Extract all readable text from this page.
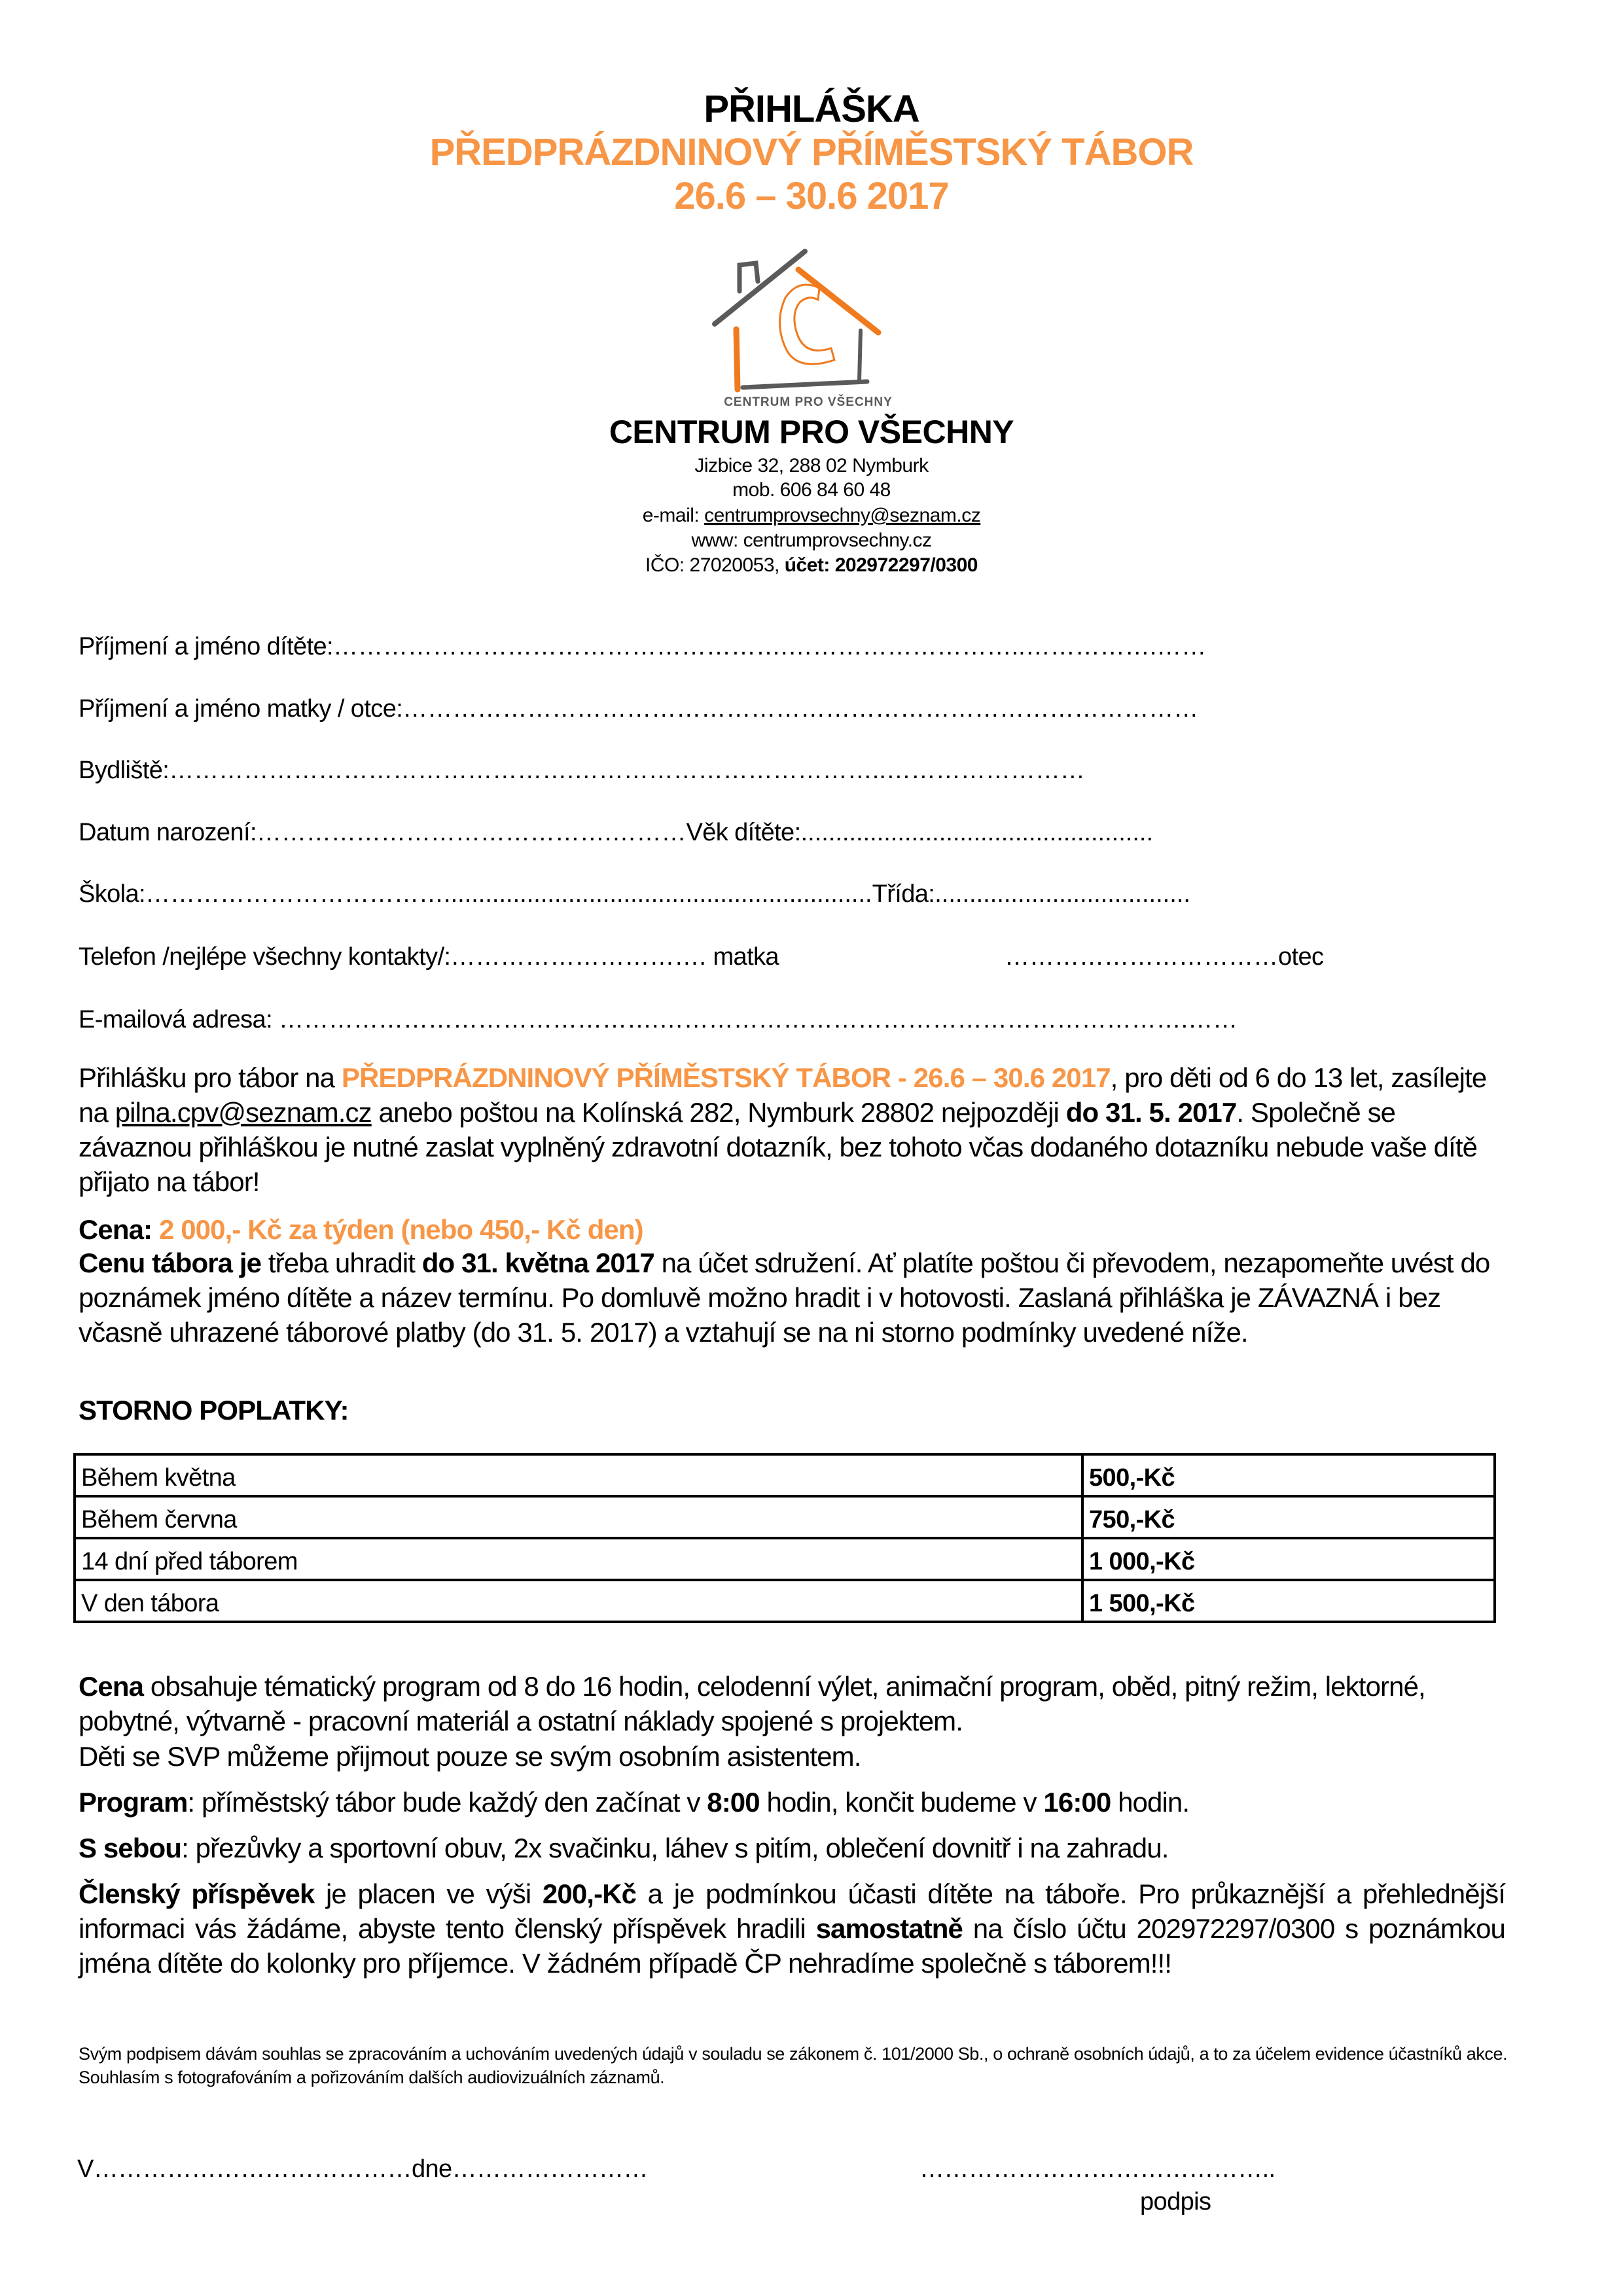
PŘIHLÁŠKA
PŘEDPRÁZDNINOVÝ PŘÍMĚSTSKÝ TÁBOR
26.6 – 30.6 2017
CENTRUM PRO VŠECHNY
CENTRUM PRO VŠECHNY
Jizbice 32, 288 02 Nymburk
mob. 606 84 60 48
e-mail: centrumprovsechny@seznam.cz
www: centrumprovsechny.cz
IČO: 27020053, účet: 202972297/0300
Příjmení a jméno dítěte:……………………………………………….………………………..…………….……
Příjmení a jméno matky / otce:……………………………………………………………………………………
Bydliště:………………………………………….………………………………..……………………
Datum narození:…………………………………….………Věk dítěte:...................................................
Škola:………………………………..............................................................Třída:.....................................
Telefon /nejlépe všechny kontakty/:…………………………. matka	……………………………otec
E-mailová adresa: ……………………………………….……………………………………………………….……
Přihlášku pro tábor na PŘEDPRÁZDNINOVÝ PŘÍMĚSTSKÝ TÁBOR - 26.6 – 30.6 2017, pro děti od 6 do 13 let, zasílejte na pilna.cpv@seznam.cz anebo poštou na Kolínská 282, Nymburk 28802 nejpozději do 31. 5. 2017. Společně se závaznou přihláškou je nutné zaslat vyplněný zdravotní dotazník, bez tohoto včas dodaného dotazníku nebude vaše dítě přijato na tábor!
Cena: 2 000,- Kč za týden (nebo 450,- Kč den)
Cenu tábora je třeba uhradit do 31. května 2017 na účet sdružení. Ať platíte poštou či převodem, nezapomeňte uvést do poznámek jméno dítěte a název termínu. Po domluvě možno hradit i v hotovosti. Zaslaná přihláška je ZÁVAZNÁ i bez včasně uhrazené táborové platby (do 31. 5. 2017) a vztahují se na ni storno podmínky uvedené níže.
STORNO POPLATKY:
Během května	500,-Kč
Během června	750,-Kč
14 dní před táborem	1 000,-Kč
V den tábora	1 500,-Kč
Cena obsahuje tématický program od 8 do 16 hodin, celodenní výlet, animační program, oběd, pitný režim, lektorné, pobytné, výtvarně - pracovní materiál a ostatní náklady spojené s projektem.
Děti se SVP můžeme přijmout pouze se svým osobním asistentem.
Program: příměstský tábor bude každý den začínat v 8:00 hodin, končit budeme v 16:00 hodin.
S sebou: přezůvky a sportovní obuv, 2x svačinku, láhev s pitím, oblečení dovnitř i na zahradu.
Členský příspěvek je placen ve výši 200,-Kč a je podmínkou účasti dítěte na táboře. Pro průkaznější a přehlednější informaci vás žádáme, abyste tento členský příspěvek hradili samostatně na číslo účtu 202972297/0300 s poznámkou jména dítěte do kolonky pro příjemce. V žádném případě ČP nehradíme společně s táborem!!!
Svým podpisem dávám souhlas se zpracováním a uchováním uvedených údajů v souladu se zákonem č. 101/2000 Sb., o ochraně osobních údajů, a to za účelem evidence účastníků akce. Souhlasím s fotografováním a pořizováním dalších audiovizuálních záznamů.
V…………………………………dne……………………	……………………………………..
podpis
